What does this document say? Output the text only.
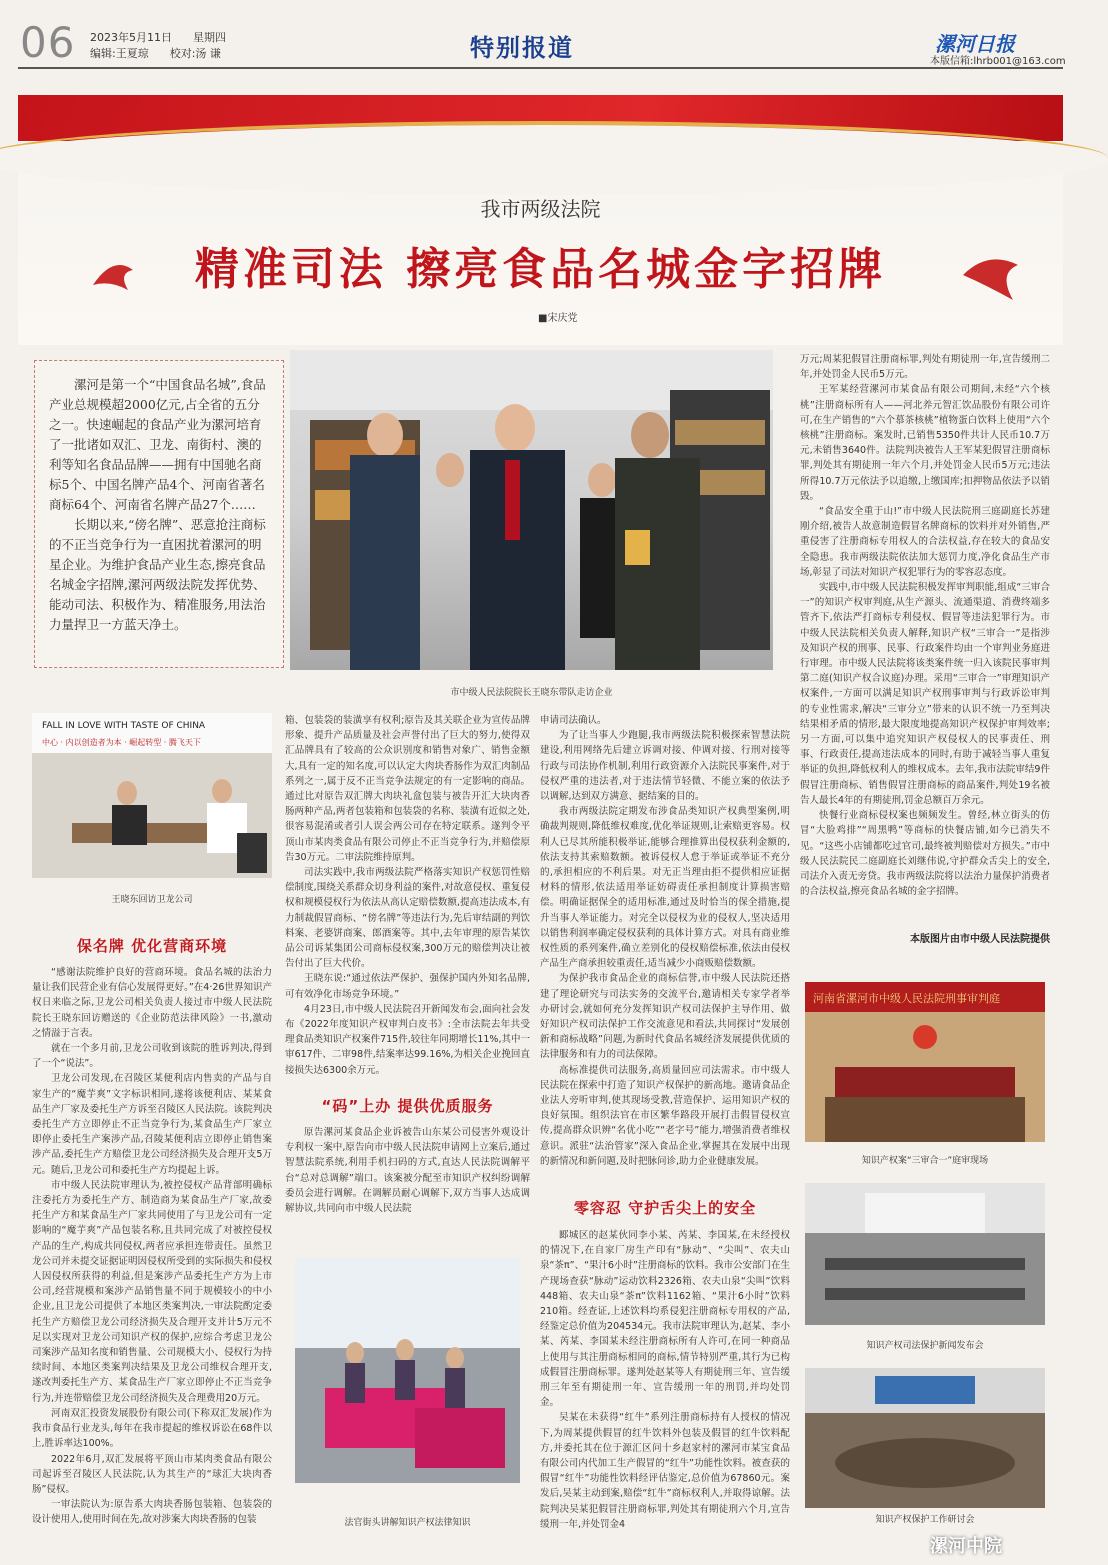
06 2023年5月11日 星期四
编辑:王夏琼 校对:汤 谦	特别报道	漯河日报
本版信箱:lhrb001@163.com
我市两级法院
精准司法 擦亮食品名城金字招牌
■宋庆党

漯河是第一个“中国食品名城”,食品产业总规模超2000亿元,占全省的五分之一。快速崛起的食品产业为漯河培育了一批诸如双汇、卫龙、南街村、澳的利等知名食品品牌——拥有中国驰名商标5个、中国名牌产品4个、河南省著名商标64个、河南省名牌产品27个……

长期以来,“傍名牌”、恶意抢注商标的不正当竞争行为一直困扰着漯河的明星企业。为维护食品产业生态,擦亮食品名城金字招牌,漯河两级法院发挥优势、能动司法、积极作为、精准服务,用法治力量捍卫一方蓝天净土。

市中级人民法院院长王晓东带队走访企业
FALL IN LOVE WITH TASTE OF CHINA
中心 · 内以创造者为本 · 崛起转型 · 腾飞天下
王晓东回访卫龙公司
保名牌 优化营商环境

“感谢法院维护良好的营商环境。食品名城的法治力量让我们民营企业有信心发展得更好。”在4·26世界知识产权日来临之际,卫龙公司相关负责人接过市中级人民法院院长王晓东回访赠送的《企业防范法律风险》一书,激动之情溢于言表。

就在一个多月前,卫龙公司收到该院的胜诉判决,得到了一个“说法”。

卫龙公司发现,在召陵区某便利店内售卖的产品与自家生产的“魔芋爽”文字标识相同,遂将该便利店、某某食品生产厂家及委托生产方诉至召陵区人民法院。该院判决委托生产方立即停止不正当竞争行为,某食品生产厂家立即停止委托生产案涉产品,召陵某便利店立即停止销售案涉产品,委托生产方赔偿卫龙公司经济损失及合理开支5万元。随后,卫龙公司和委托生产方均提起上诉。

市中级人民法院审理认为,被控侵权产品背部明确标注委托方为委托生产方、制造商为某食品生产厂家,故委托生产方和某食品生产厂家共同使用了与卫龙公司有一定影响的“魔芋爽”产品包装名称,且共同完成了对被控侵权产品的生产,构成共同侵权,两者应承担连带责任。虽然卫龙公司并未提交证据证明因侵权所受到的实际损失和侵权人因侵权所获得的利益,但是案涉产品委托生产方为上市公司,经营规模和案涉产品销售量不同于规模较小的中小企业,且卫龙公司提供了本地区类案判决,一审法院酌定委托生产方赔偿卫龙公司经济损失及合理开支并计5万元不足以实现对卫龙公司知识产权的保护,应综合考虑卫龙公司案涉产品知名度和销售量、公司规模大小、侵权行为持续时间、本地区类案判决结果及卫龙公司维权合理开支,遂改判委托生产方、某食品生产厂家立即停止不正当竞争行为,并连带赔偿卫龙公司经济损失及合理费用20万元。

河南双汇投资发展股份有限公司(下称双汇发展)作为我市食品行业龙头,每年在我市提起的维权诉讼在68件以上,胜诉率达100%。

2022年6月,双汇发展将平顶山市某肉类食品有限公司起诉至召陵区人民法院,认为其生产的“球汇大块肉香肠”侵权。

一审法院认为:原告系大肉块香肠包装箱、包装袋的设计使用人,使用时间在先,故对涉案大肉块香肠的包装

箱、包装袋的装潢享有权利;原告及其关联企业为宣传品牌形象、提升产品质量及社会声誉付出了巨大的努力,使得双汇品牌具有了较高的公众识别度和销售对象广、销售金额大,具有一定的知名度,可以认定大肉块香肠作为双汇肉制品系列之一,属于反不正当竞争法规定的有一定影响的商品。通过比对原告双汇牌大肉块礼盒包装与被告开汇大块肉香肠两种产品,两者包装箱和包装袋的名称、装潢有近似之处,很容易混淆或者引人误会两公司存在特定联系。遂判令平顶山市某肉类食品有限公司停止不正当竞争行为,并赔偿原告30万元。二审法院维持原判。

司法实践中,我市两级法院严格落实知识产权惩罚性赔偿制度,围绕关系群众切身利益的案件,对故意侵权、重复侵权和规模侵权行为依法从高认定赔偿数额,提高违法成本,有力制裁假冒商标、“傍名牌”等违法行为,先后审结副的判饮料案、老婆饼商案、郎酒案等。其中,去年审理的原告某饮品公司诉某集团公司商标侵权案,300万元的赔偿判决让被告付出了巨大代价。

王晓东说:“通过依法严保护、强保护国内外知名品牌,可有效净化市场竞争环境。”

4月23日,市中级人民法院召开新闻发布会,面向社会发布《2022年度知识产权审判白皮书》:全市法院去年共受理食品类知识产权案件715件,较往年同期增长11%,其中一审617件、二审98件,结案率达99.16%,为相关企业挽回直接损失达6300余万元。

“码”上办 提供优质服务

原告漯河某食品企业诉被告山东某公司侵害外观设计专利权一案中,原告向市中级人民法院申请网上立案后,通过智慧法院系统,利用手机扫码的方式,直达人民法院调解平台“总对总调解”端口。该案被分配至市知识产权纠纷调解委员会进行调解。在调解员耐心调解下,双方当事人达成调解协议,共同向市中级人民法院

法官街头讲解知识产权法律知识

申请司法确认。

为了让当事人少跑腿,我市两级法院积极探索智慧法院建设,利用网络先后建立诉调对接、仲调对接、行刑对接等行政与司法协作机制,利用行政资源介入法院民事案件,对于侵权严重的违法者,对于违法情节轻微、不能立案的依法予以调解,达到双方满意、据结案的目的。

我市两级法院定期发布涉食品类知识产权典型案例,明确裁判规则,降低维权难度,优化举证规则,让索赔更容易。权利人已尽其所能积极举证,能够合理推算出侵权获利金额的,依法支持其索赔数额。被诉侵权人怠于举证或举证不充分的,承担相应的不利后果。对无正当理由拒不提供相应证据材料的情形,依法适用举证妨碍责任承担制度计算损害赔偿。明确证据保全的适用标准,通过及时恰当的保全措施,提升当事人举证能力。对完全以侵权为业的侵权人,坚决适用以销售利润率确定侵权获利的具体计算方式。对具有商业维权性质的系列案件,确立差别化的侵权赔偿标准,依法由侵权产品生产商承担较重责任,适当减少小商贩赔偿数额。

为保护我市食品企业的商标信誉,市中级人民法院还搭建了理论研究与司法实务的交流平台,邀请相关专家学者举办研讨会,就如何充分发挥知识产权司法保护主导作用、做好知识产权司法保护工作交流意见和看法,共同探讨“发展创新和商标战略”问题,为新时代食品名城经济发展提供优质的法律服务和有力的司法保障。

高标准提供司法服务,高质量回应司法需求。市中级人民法院在探索中打造了知识产权保护的新高地。邀请食品企业法人旁听审判,使其现场受教,营造保护、运用知识产权的良好氛围。组织法官在市区繁华路段开展打击假冒侵权宣传,提高群众识辨“名优小吃”“老字号”能力,增强消费者维权意识。派驻“法治管家”深入食品企业,掌握其在发展中出现的新情况和新问题,及时把脉问诊,助力企业健康发展。

零容忍 守护舌尖上的安全

郾城区的赵某伙同李小某、芮某、李国某,在未经授权的情况下,在自家厂房生产印有“脉动”、“尖叫”、农夫山泉“茶π”、“果汁6小时”注册商标的饮料。我市公安部门在生产现场查获“脉动”运动饮料2326箱、农夫山泉“尖叫”饮料448箱、农夫山泉“茶π”饮料1162箱、“果汁6小时”饮料210箱。经查证,上述饮料均系侵犯注册商标专用权的产品,经鉴定总价值为204534元。我市法院审理认为,赵某、李小某、芮某、李国某未经注册商标所有人许可,在同一种商品上使用与其注册商标相同的商标,情节特别严重,其行为已构成假冒注册商标罪。遂判处赵某等人有期徒刑三年、宣告缓刑三年至有期徒刑一年、宣告缓刑一年的刑罚,并均处罚金。

吴某在未获得“红牛”系列注册商标持有人授权的情况下,为周某提供假冒的红牛饮料外包装及假冒的红牛饮料配方,并委托其在位于源汇区问十乡赵家村的漯河市某宝食品有限公司内代加工生产假冒的“红牛”功能性饮料。被查获的假冒“红牛”功能性饮料经评估鉴定,总价值为67860元。案发后,吴某主动到案,赔偿“红牛”商标权利人,并取得谅解。法院判决吴某犯假冒注册商标罪,判处其有期徒刑六个月,宣告缓刑一年,并处罚金4

万元;周某犯假冒注册商标罪,判处有期徒刑一年,宣告缓刑二年,并处罚金人民币5万元。

王军某经营漯河市某食品有限公司期间,未经“六个核桃”注册商标所有人——河北养元智汇饮品股份有限公司许可,在生产销售的“六个慕茶核桃”植物蛋白饮料上使用“六个核桃”注册商标。案发时,已销售5350件共计人民币10.7万元,未销售3640件。法院判决被告人王军某犯假冒注册商标罪,判处其有期徒刑一年六个月,并处罚金人民币5万元;违法所得10.7万元依法予以追缴,上缴国库;扣押物品依法予以销毁。

“食品安全重于山!”市中级人民法院刑三庭副庭长苏建刚介绍,被告人故意制造假冒名牌商标的饮料并对外销售,严重侵害了注册商标专用权人的合法权益,存在较大的食品安全隐患。我市两级法院依法加大惩罚力度,净化食品生产市场,彰显了司法对知识产权犯罪行为的零容忍态度。

实践中,市中级人民法院积极发挥审判职能,组成“三审合一”的知识产权审判庭,从生产源头、流通渠道、消费终端多管齐下,依法严打商标专利侵权、假冒等违法犯罪行为。市中级人民法院相关负责人解释,知识产权“三审合一”是指涉及知识产权的刑事、民事、行政案件均由一个审判业务庭进行审理。市中级人民法院将该类案件统一归入该院民事审判第二庭(知识产权合议庭)办理。采用“三审合一”审理知识产权案件,一方面可以满足知识产权刑事审判与行政诉讼审判的专业性需求,解决“三审分立”带来的认识不统一乃至判决结果相矛盾的情形,最大限度地提高知识产权保护审判效率;另一方面,可以集中追究知识产权侵权人的民事责任、刑事、行政责任,提高违法成本的同时,有助于减轻当事人重复举证的负担,降低权利人的维权成本。去年,我市法院审结9件假冒注册商标、销售假冒注册商标的商品案件,判处19名被告人最长4年的有期徒刑,罚金总额百万余元。

快餐行业商标侵权案也频频发生。曾经,林立街头的仿冒“大脸鸡排”“周黑鸭”等商标的快餐店铺,如今已消失不见。“这些小店铺都吃过官司,最终被判赔偿对方损失。”市中级人民法院民二庭副庭长刘继伟说,守护群众舌尖上的安全,司法介入责无旁贷。我市两级法院将以法治力量保护消费者的合法权益,擦亮食品名城的金字招牌。

本版图片由市中级人民法院提供
河南省漯河市中级人民法院刑事审判庭
知识产权案“三审合一”庭审现场
知识产权司法保护新闻发布会
知识产权保护工作研讨会
漯河中院
